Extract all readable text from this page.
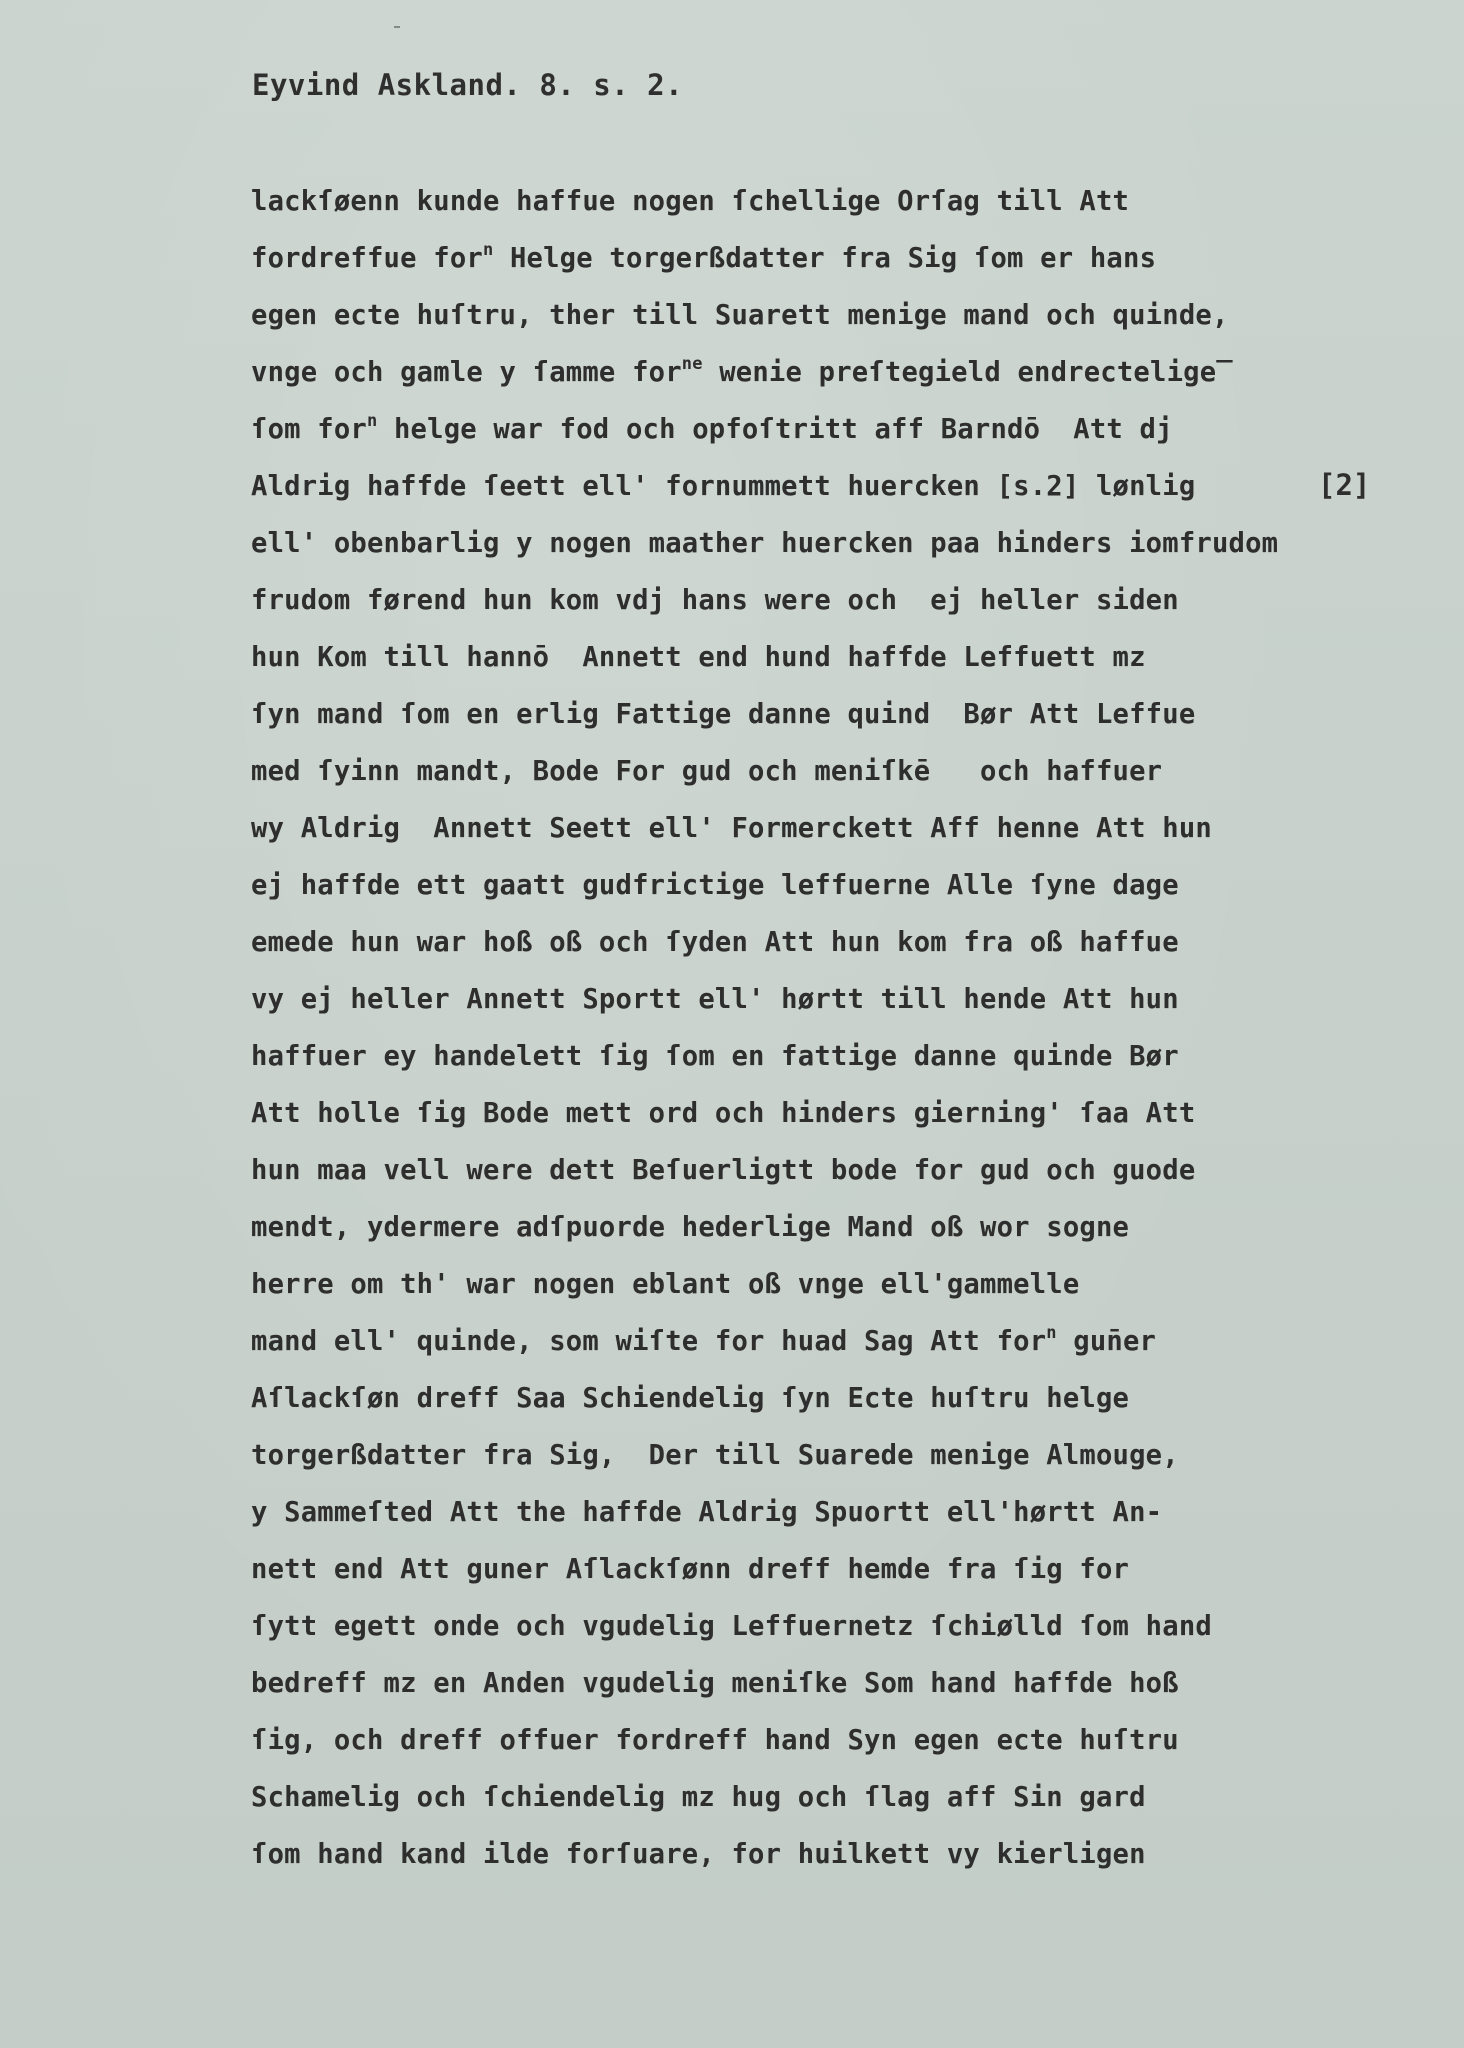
Eyvind Askland. 8. s. 2.
[2]
lackſøenn kunde haffue nogen ſchellige Orſag till Att
fordreffue for$^n$ Helge torgerßdatter fra Sig ſom er hans
egen ecte huſtru, ther till Suarett menige mand och quinde,
vnge och gamle y ſamme for$^{ne}$ wenie preſtegield endrectelige‾
ſom for$^n$ helge war fod och opfoſtritt aff Barndō  Att dj
Aldrig haffde ſeett ell' fornummett huercken [s.2] lønlig
ell' obenbarlig y nogen maather huercken paa hinders iomfrudom
frudom førend hun kom vdj hans were och  ej heller siden
hun Kom till hannō  Annett end hund haffde Leffuett mz
ſyn mand ſom en erlig Fattige danne quind  Bør Att Leffue
med ſyinn mandt, Bode For gud och meniſkē   och haffuer
wy Aldrig  Annett Seett ell' Formerckett Aff henne Att hun
ej haffde ett gaatt gudfrictige leffuerne Alle ſyne dage
emede hun war hoß oß och ſyden Att hun kom fra oß haffue
vy ej heller Annett Sportt ell' hørtt till hende Att hun
haffuer ey handelett ſig ſom en fattige danne quinde Bør
Att holle ſig Bode mett ord och hinders gierning' ſaa Att
hun maa vell were dett Beſuerligtt bode for gud och guode
mendt, ydermere adſpuorde hederlige Mand oß wor sogne
herre om th' war nogen eblant oß vnge ell'gammelle
mand ell' quinde, som wiſte for huad Sag Att for$^n$ gun̄er
Aſlackſøn dreff Saa Schiendelig ſyn Ecte huſtru helge
torgerßdatter fra Sig,  Der till Suarede menige Almouge,
y Sammeſted Att the haffde Aldrig Spuortt ell'hørtt An-
nett end Att guner Aſlackſønn dreff hemde fra ſig for
ſytt egett onde och vgudelig Leffuernetz ſchiølld ſom hand
bedreff mz en Anden vgudelig meniſke Som hand haffde hoß
ſig, och dreff offuer fordreff hand Syn egen ecte huſtru
Schamelig och ſchiendelig mz hug och ſlag aff Sin gard
ſom hand kand ilde forſuare, for huilkett vy kierligen
